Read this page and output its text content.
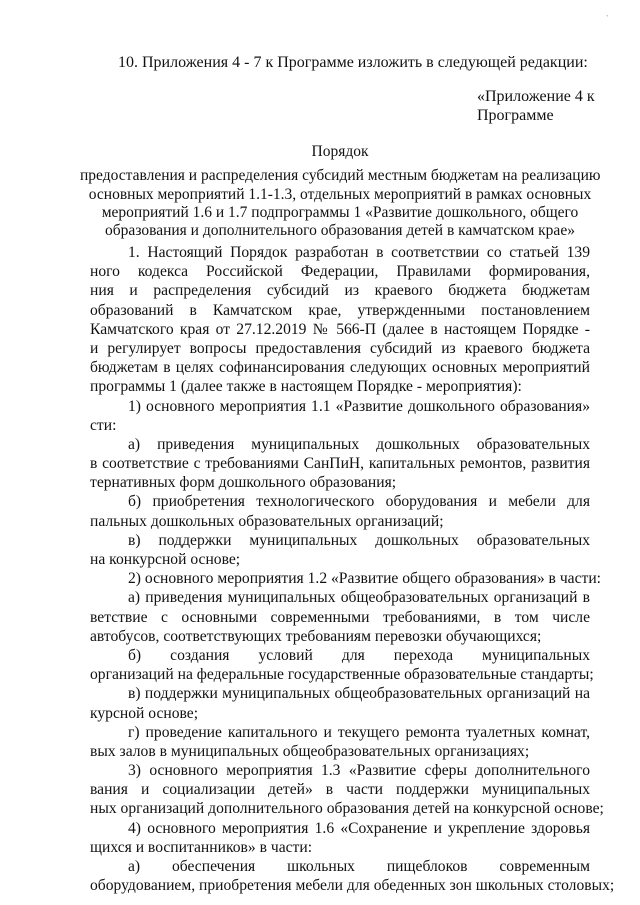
ˋ
10. Приложения 4 - 7 к Программе изложить в следующей редакции:
«Приложение 4 к
Программе
Порядок
предоставления и распределения субсидий местным бюджетам на реализацию
основных мероприятий 1.1-1.3, отдельных мероприятий в рамках основных
мероприятий 1.6 и 1.7 подпрограммы 1 «Развитие дошкольного, общего
образования и дополнительного образования детей в камчатском крае»
1. Настоящий Порядок разработан в соответствии со статьей 139
ного кодекса Российской Федерации, Правилами формирования,
ния и распределения субсидий из краевого бюджета бюджетам
образований в Камчатском крае, утвержденными постановлением
Камчатского края от 27.12.2019 № 566-П (далее в настоящем Порядке -
и регулирует вопросы предоставления субсидий из краевого бюджета
бюджетам в целях софинансирования следующих основных мероприятий
программы 1 (далее также в настоящем Порядке - мероприятия):
1) основного мероприятия 1.1 «Развитие дошкольного образования»
сти:
а) приведения муниципальных дошкольных образовательных
в соответствие с требованиями СанПиН, капитальных ремонтов, развития
тернативных форм дошкольного образования;
б) приобретения технологического оборудования и мебели для
пальных дошкольных образовательных организаций;
в) поддержки муниципальных дошкольных образовательных
на конкурсной основе;
2) основного мероприятия 1.2 «Развитие общего образования» в части:
а) приведения муниципальных общеобразовательных организаций в
ветствие с основными современными требованиями, в том числе
автобусов, соответствующих требованиям перевозки обучающихся;
б) создания условий для перехода муниципальных
организаций на федеральные государственные образовательные стандарты;
в) поддержки муниципальных общеобразовательных организаций на
курсной основе;
г) проведение капитального и текущего ремонта туалетных комнат,
вых залов в муниципальных общеобразовательных организациях;
3) основного мероприятия 1.3 «Развитие сферы дополнительного
вания и социализации детей» в части поддержки муниципальных
ных организаций дополнительного образования детей на конкурсной основе;
4) основного мероприятия 1.6 «Сохранение и укрепление здоровья
щихся и воспитанников» в части:
а) обеспечения школьных пищеблоков современным
оборудованием, приобретения мебели для обеденных зон школьных столовых;
